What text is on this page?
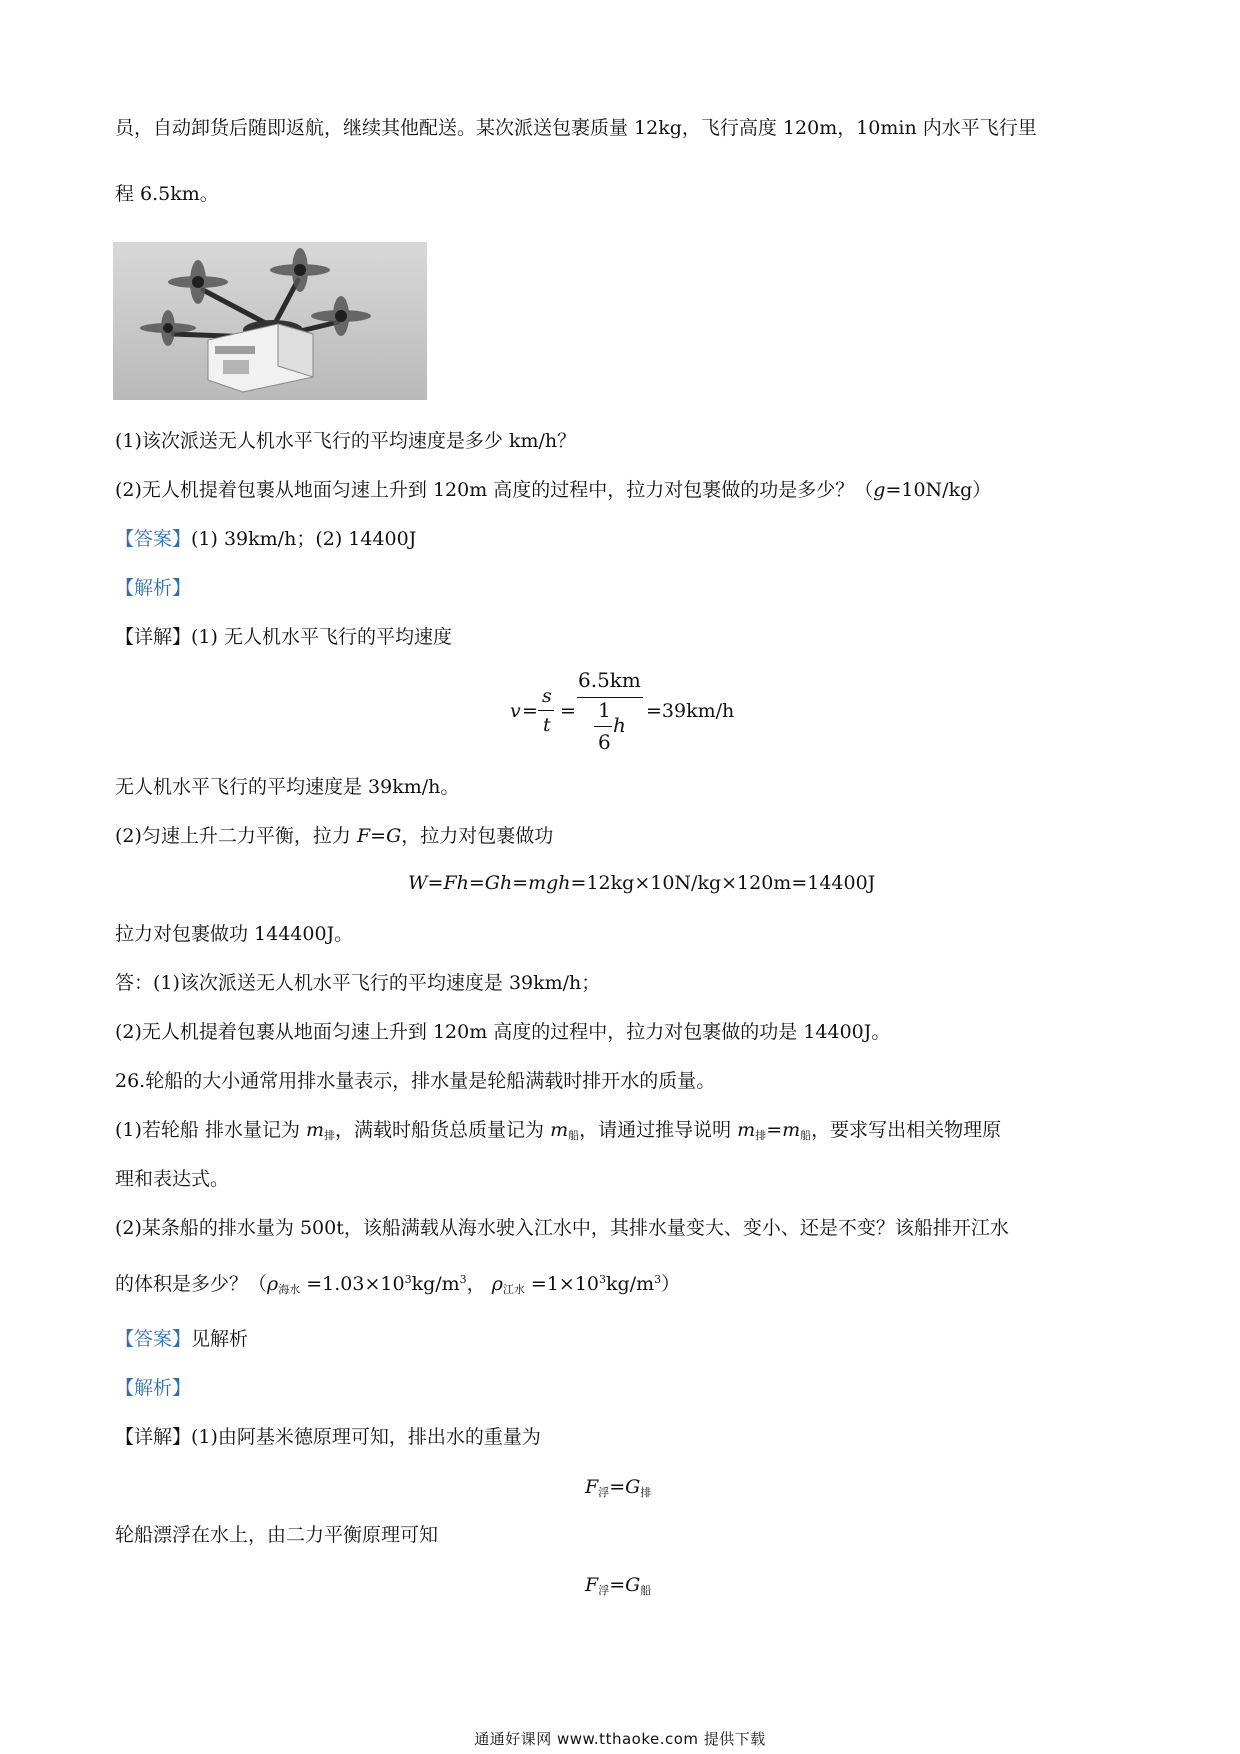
员，自动卸货后随即返航，继续其他配送。某次派送包裹质量 12kg，飞行高度 120m，10min 内水平飞行里
程 6.5km。
(1)该次派送无人机水平飞行的平均速度是多少 km/h？
(2)无人机提着包裹从地面匀速上升到 120m 高度的过程中，拉力对包裹做的功是多少？（g=10N/kg）
【答案】(1) 39km/h；(2) 14400J
【解析】
【详解】(1) 无人机水平飞行的平均速度
v =
s
t
=
6.5km
1
6
h
=39km/h
无人机水平飞行的平均速度是 39km/h。
(2)匀速上升二力平衡，拉力 F=G，拉力对包裹做功
W=Fh=Gh=mgh=12kg×10N/kg×120m=14400J
拉力对包裹做功 144400J。
答：(1)该次派送无人机水平飞行的平均速度是 39km/h；
(2)无人机提着包裹从地面匀速上升到 120m 高度的过程中，拉力对包裹做的功是 14400J。
26.轮船的大小通常用排水量表示，排水量是轮船满载时排开水的质量。
(1)若轮船 排水量记为 $m_排$，满载时船货总质量记为 $m_船$，请通过推导说明 $m_排=m_船$，要求写出相关物理原
理和表达式。
(2)某条船的排水量为 500t，该船满载从海水驶入江水中，其排水量变大、变小、还是不变？该船排开江水
的体积是多少？（$\rho_{海水} =1.03\times 10^3kg/m^3$， $\rho_{江水} =1\times 10^3kg/m^3$）
【答案】见解析
【解析】
【详解】(1)由阿基米德原理可知，排出水的重量为
$F_浮=G_排$
轮船漂浮在水上，由二力平衡原理可知
$F_浮=G_船$
通通好课网 www.tthaoke.com 提供下载
